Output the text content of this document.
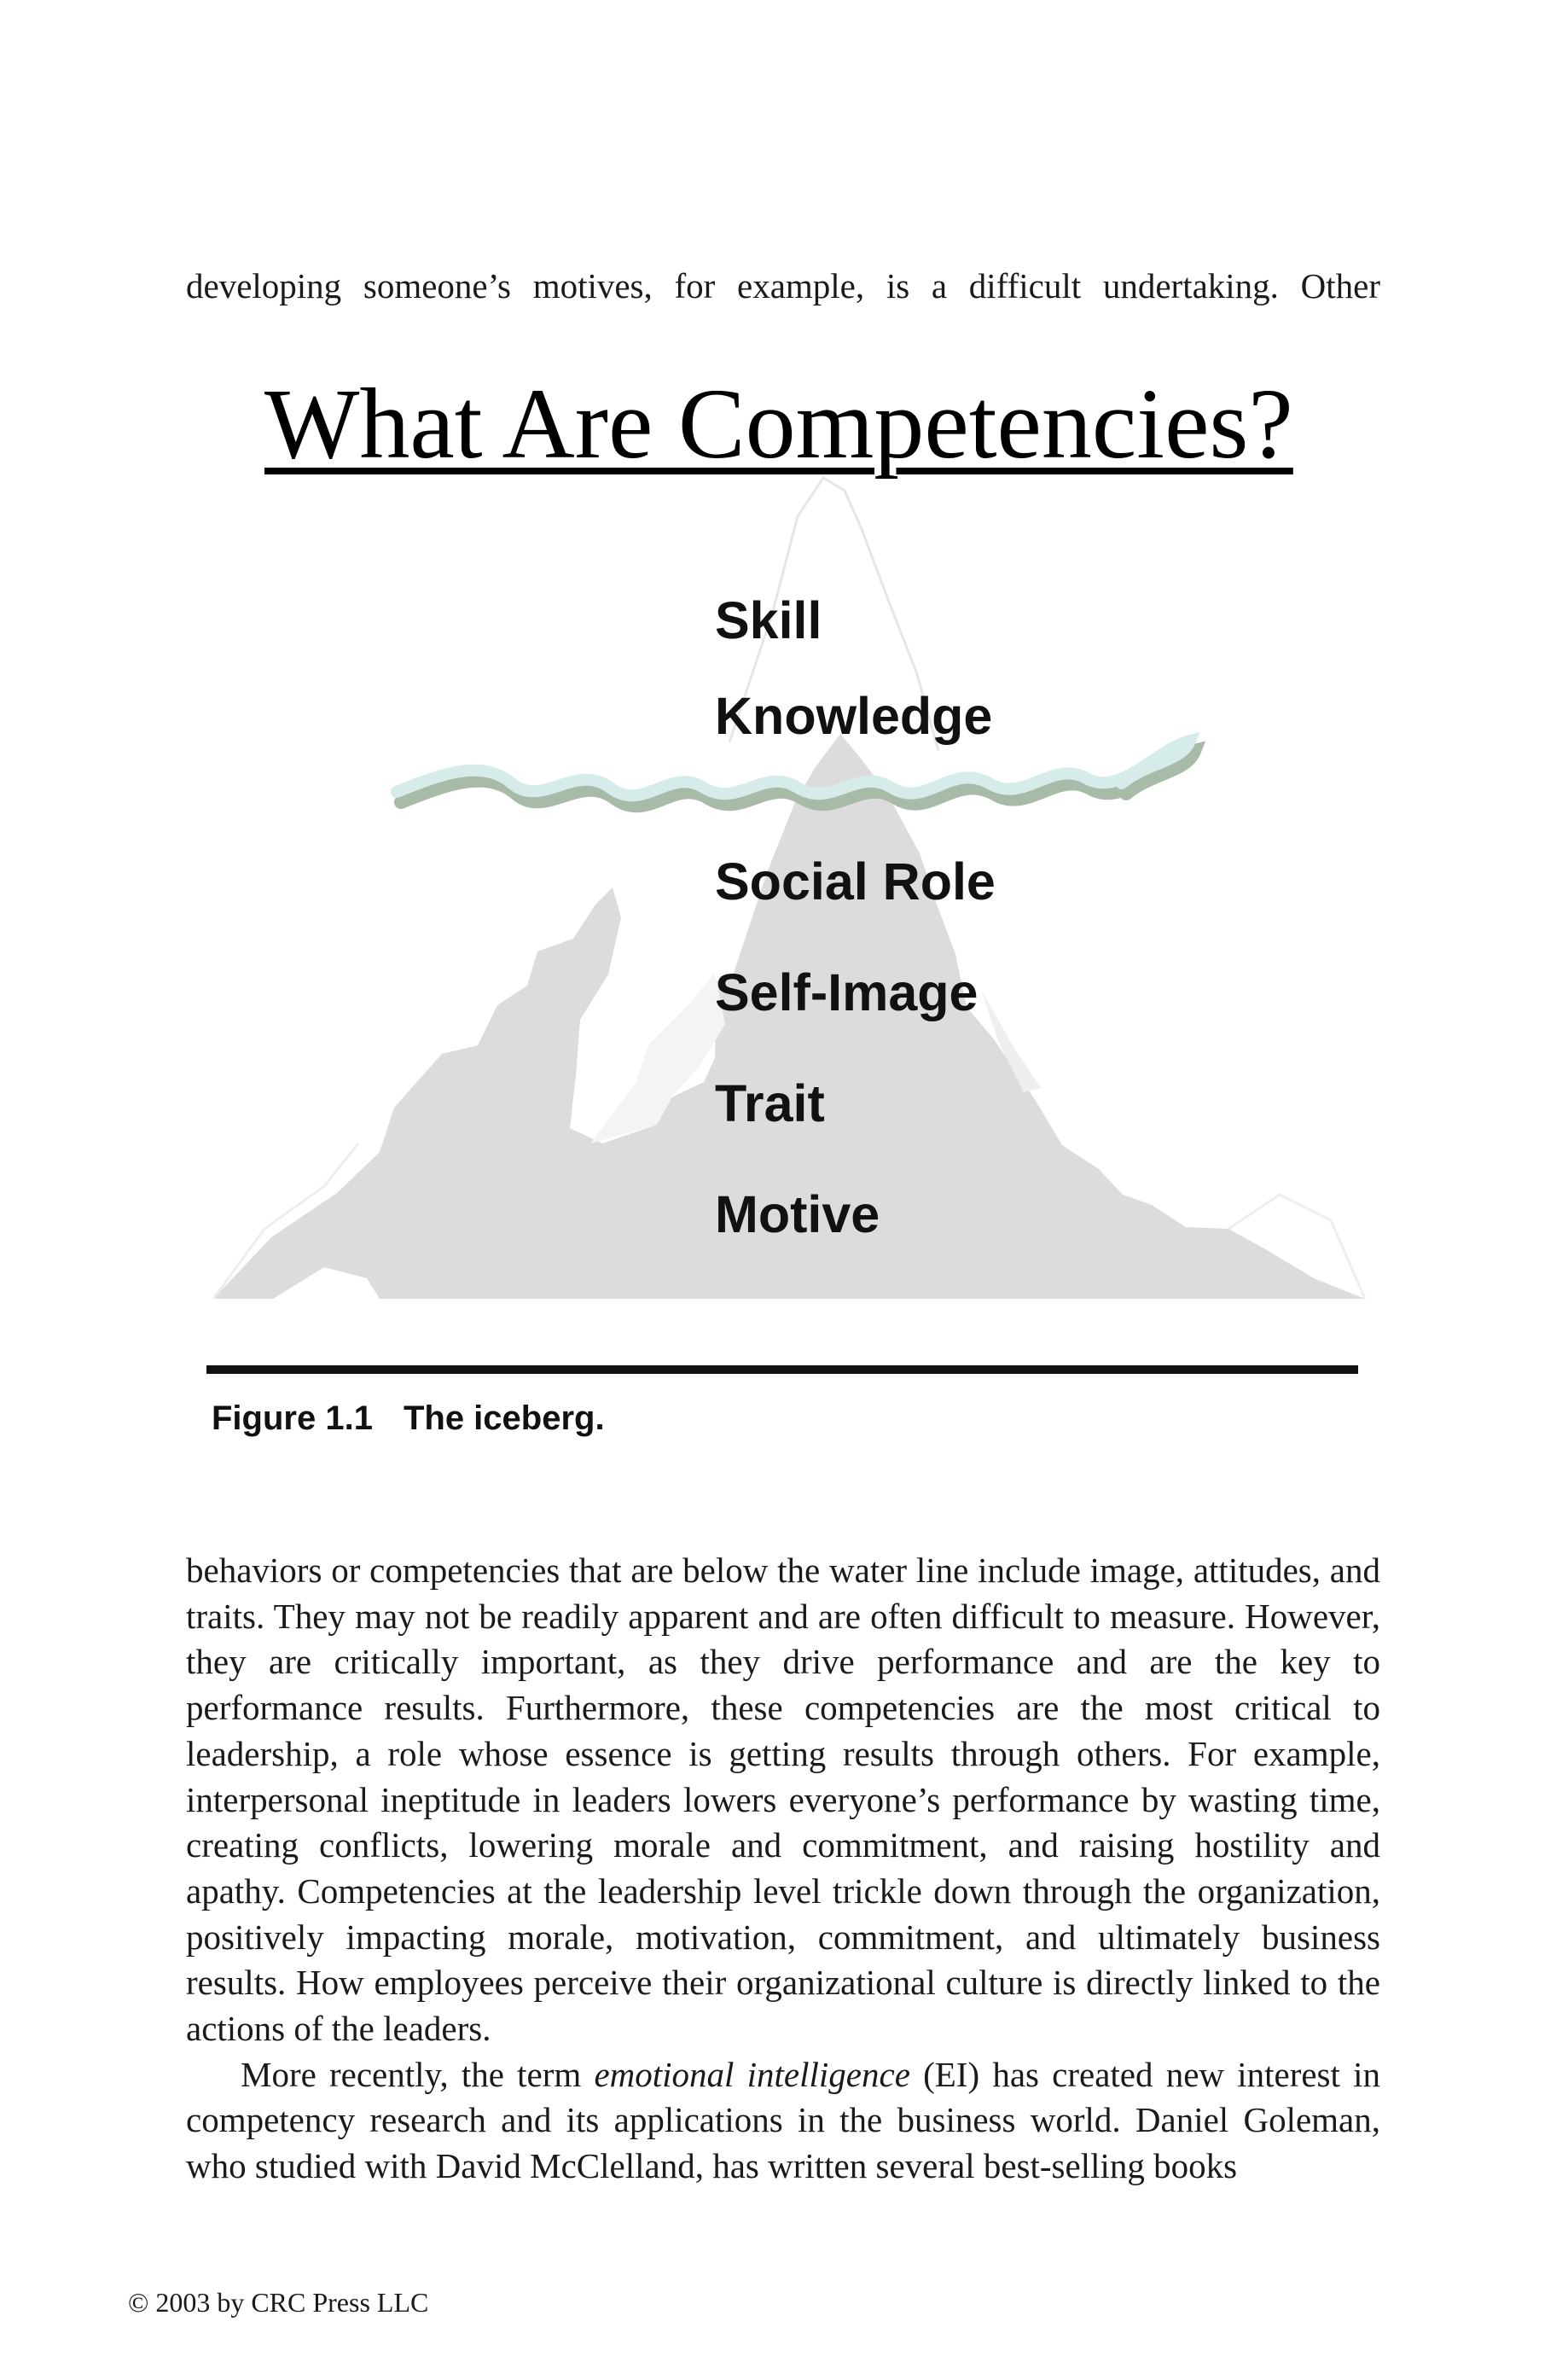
developing someone’s motives, for example, is a difficult undertaking. Other
What Are Competencies?
Skill
Knowledge
Social Role
Self-Image
Trait
Motive
Figure 1.1 The iceberg.

behaviors or competencies that are below the water line include image, attitudes, and traits. They may not be readily apparent and are often difficult to measure. However, they are critically important, as they drive performance and are the key to performance results. Furthermore, these competencies are the most critical to leadership, a role whose essence is getting results through others. For example, interpersonal ineptitude in leaders lowers everyone’s performance by wasting time, creating conflicts, lowering morale and commitment, and raising hostility and apathy. Competencies at the leadership level trickle down through the organization, positively impacting morale, motivation, commitment, and ultimately business results. How employees perceive their organizational culture is directly linked to the actions of the leaders.

More recently, the term emotional intelligence (EI) has created new interest in competency research and its applications in the business world. Daniel Goleman, who studied with David McClelland, has written several best-selling books

© 2003 by CRC Press LLC
